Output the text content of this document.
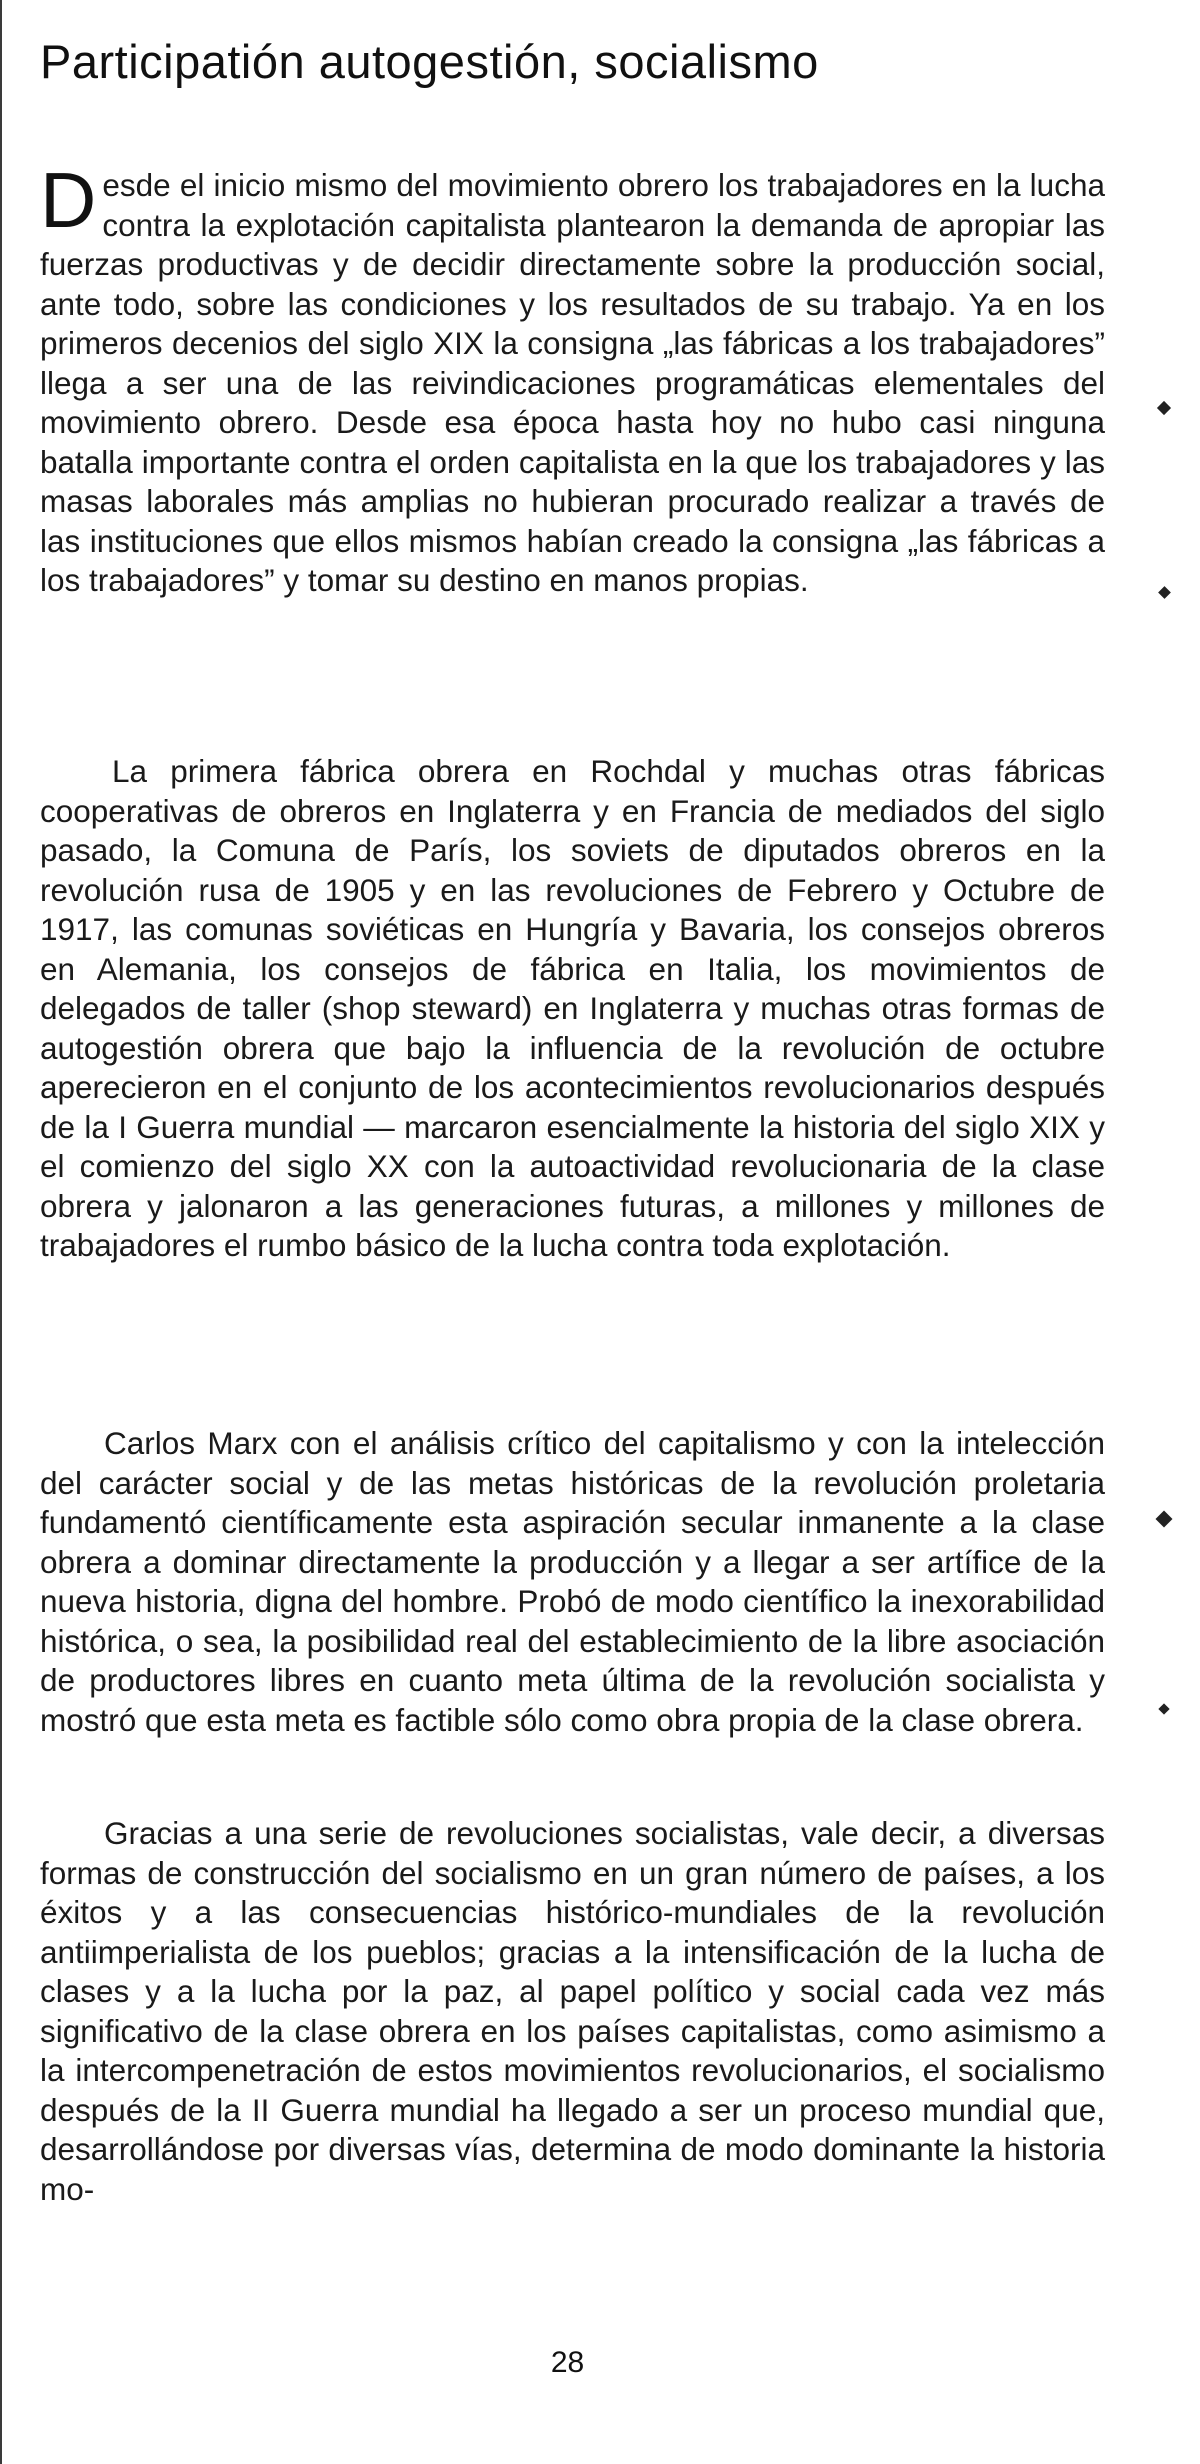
Participatión autogestión, socialismo

Desde el inicio mismo del movimiento obrero los trabajadores en la lucha contra la explotación capitalista plantearon la demanda de apropiar las fuerzas productivas y de decidir directamente sobre la producción social, ante todo, sobre las condiciones y los resultados de su trabajo. Ya en los primeros decenios del siglo XIX la consigna „las fábricas a los trabajadores” llega a ser una de las reivindicaciones programáticas elementales del movimiento obrero. Desde esa época hasta hoy no hubo casi ninguna batalla importante contra el orden capitalista en la que los trabajadores y las masas laborales más amplias no hubieran procurado realizar a través de las instituciones que ellos mismos habían creado la consigna „las fábricas a los trabajadores” y tomar su destino en manos propias.

La primera fábrica obrera en Rochdal y muchas otras fábricas cooperativas de obreros en Inglaterra y en Francia de mediados del siglo pasado, la Comuna de París, los soviets de diputados obreros en la revolución rusa de 1905 y en las revoluciones de Febrero y Octubre de 1917, las comunas soviéticas en Hungría y Bavaria, los consejos obreros en Alemania, los consejos de fábrica en Italia, los movimientos de delegados de taller (shop steward) en Inglaterra y muchas otras formas de autogestión obrera que bajo la influencia de la revolución de octubre aperecieron en el conjunto de los acontecimientos revolucionarios después de la I Guerra mundial — marcaron esencialmente la historia del siglo XIX y el comienzo del siglo XX con la autoactividad revolucionaria de la clase obrera y jalonaron a las generaciones futuras, a millones y millones de trabajadores el rumbo básico de la lucha contra toda explotación.

Carlos Marx con el análisis crítico del capitalismo y con la intelección del carácter social y de las metas históricas de la revolución proletaria fundamentó científicamente esta aspiración secular inmanente a la clase obrera a dominar directamente la producción y a llegar a ser artífice de la nueva historia, digna del hombre. Probó de modo científico la inexorabilidad histórica, o sea, la posibilidad real del establecimiento de la libre asociación de productores libres en cuanto meta última de la revolución socialista y mostró que esta meta es factible sólo como obra propia de la clase obrera.

Gracias a una serie de revoluciones socialistas, vale decir, a diversas formas de construcción del socialismo en un gran número de países, a los éxitos y a las consecuencias histórico-mundiales de la revolución antiimperialista de los pueblos; gracias a la intensificación de la lucha de clases y a la lucha por la paz, al papel político y social cada vez más significativo de la clase obrera en los países capitalistas, como asimismo a la intercompenetración de estos movimientos revolucionarios, el socialismo después de la II Guerra mundial ha llegado a ser un proceso mundial que, desarrollándose por diversas vías, determina de modo dominante la historia mo-

28
